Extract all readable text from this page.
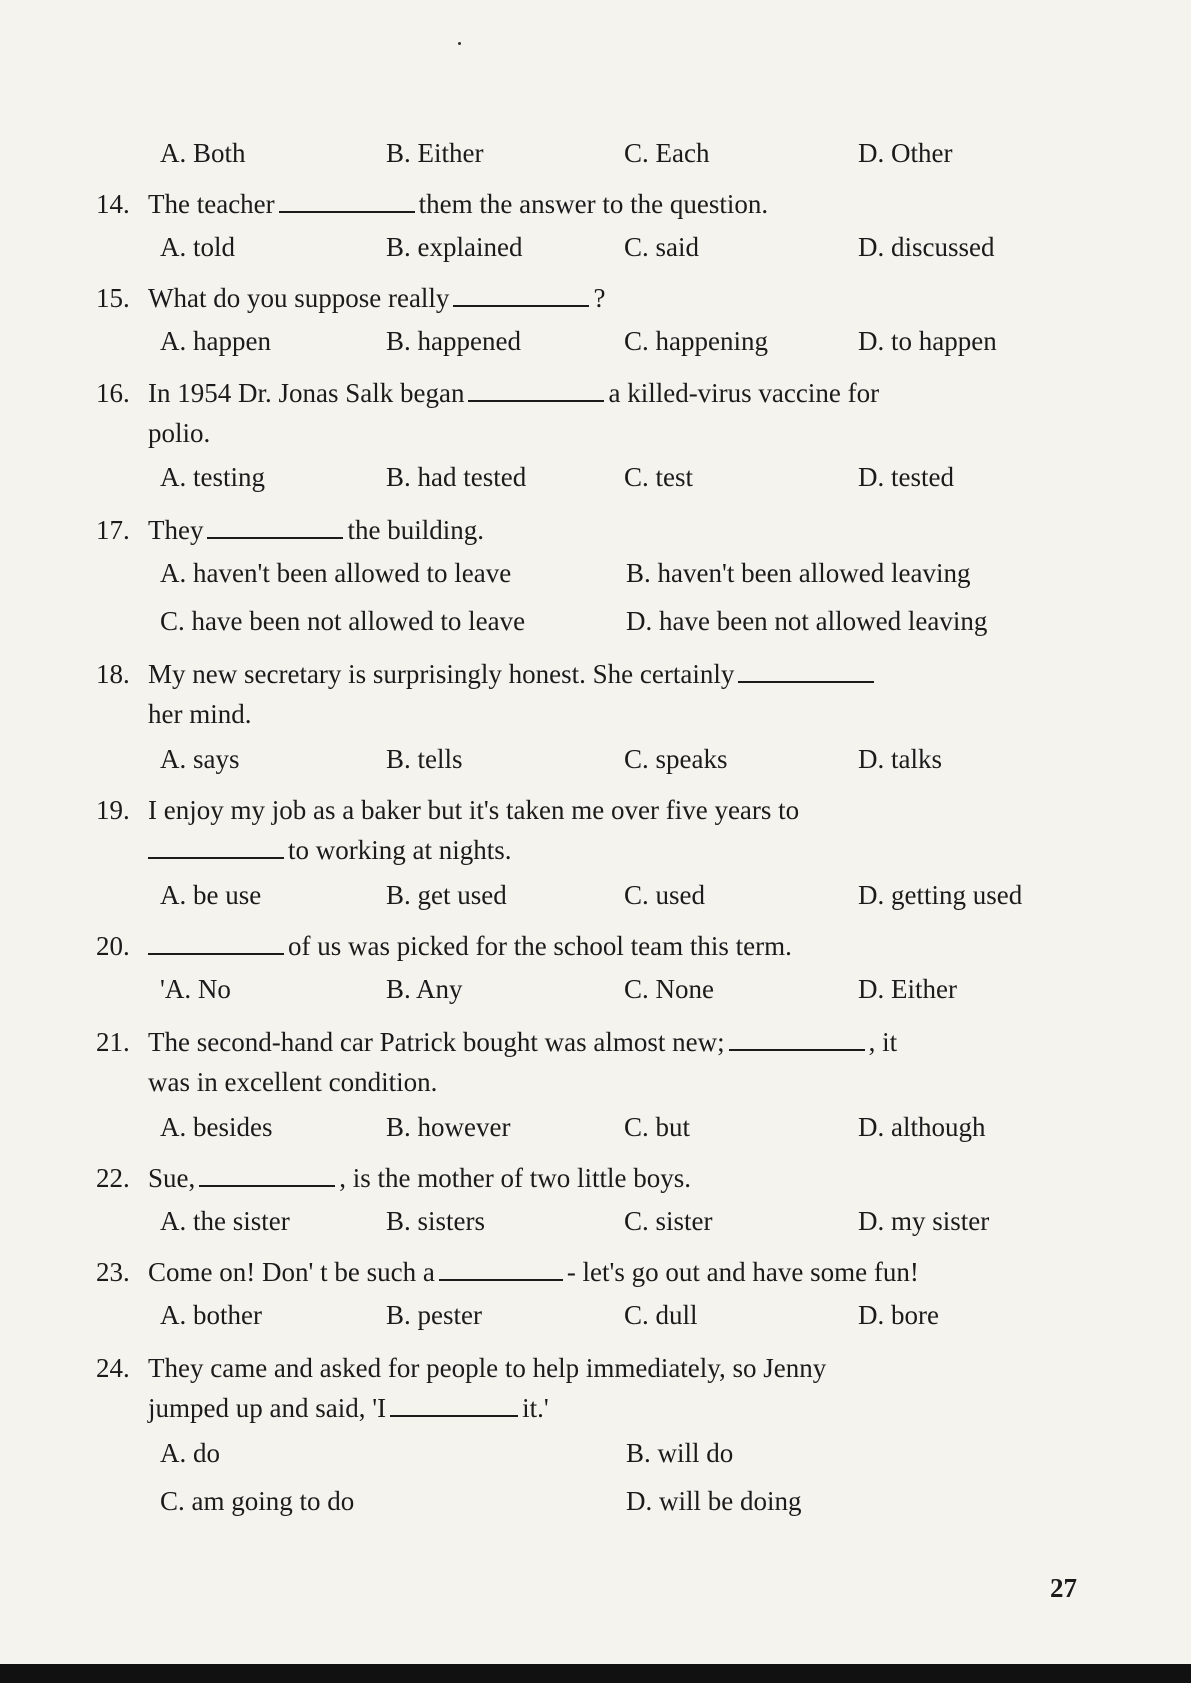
A. Both	B. Either	C. Each	D. Other
14. The teacher	them the answer to the question.
A. told	B. explained	C. said	D. discussed
15. What do you suppose really	?
A. happen	B. happened	C. happening	D. to happen
16. In 1954 Dr. Jonas Salk began	a killed-virus vaccine for
polio.
A. testing	B. had tested	C. test	D. tested
17. They	the building.
A. haven't been allowed to leave	B. haven't been allowed leaving
C. have been not allowed to leave	D. have been not allowed leaving
18. My new secretary is surprisingly honest. She certainly
her mind.
A. says	B. tells	C. speaks	D. talks
19. I enjoy my job as a baker but it's taken me over five years to
to working at nights.
A. be use	B. get used	C. used	D. getting used
20.	of us was picked for the school team this term.
'A. No	B. Any	C. None	D. Either
21. The second-hand car Patrick bought was almost new;	, it
was in excellent condition.
A. besides	B. however	C. but	D. although
22. Sue,	, is the mother of two little boys.
A. the sister	B. sisters	C. sister	D. my sister
23. Come on! Don' t be such a	- let's go out and have some fun!
A. bother	B. pester	C. dull	D. bore
24. They came and asked for people to help immediately, so Jenny
jumped up and said, 'I	it.'
A. do	B. will do
C. am going to do	D. will be doing
27
